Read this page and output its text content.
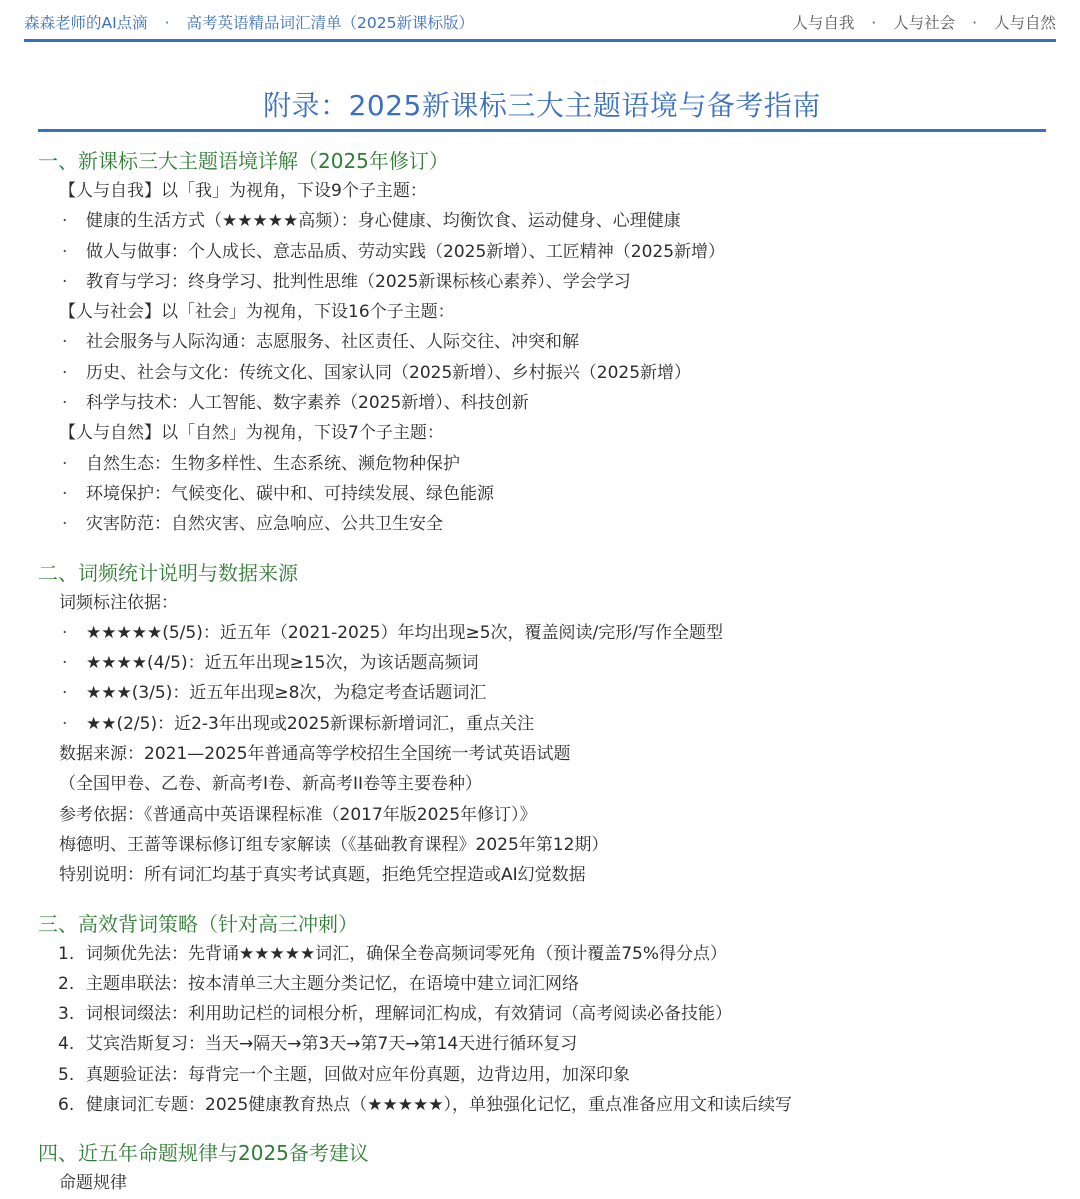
森森老师的AI点滴 · 高考英语精品词汇清单（2025新课标版）	人与自我 · 人与社会 · 人与自然
附录：2025新课标三大主题语境与备考指南
一、新课标三大主题语境详解（2025年修订）
【人与自我】以「我」为视角，下设9个子主题：
·	健康的生活方式（★★★★★高频）：身心健康、均衡饮食、运动健身、心理健康
·	做人与做事：个人成长、意志品质、劳动实践（2025新增）、工匠精神（2025新增）
·	教育与学习：终身学习、批判性思维（2025新课标核心素养）、学会学习
【人与社会】以「社会」为视角，下设16个子主题：
·	社会服务与人际沟通：志愿服务、社区责任、人际交往、冲突和解
·	历史、社会与文化：传统文化、国家认同（2025新增）、乡村振兴（2025新增）
·	科学与技术：人工智能、数字素养（2025新增）、科技创新
【人与自然】以「自然」为视角，下设7个子主题：
·	自然生态：生物多样性、生态系统、濒危物种保护
·	环境保护：气候变化、碳中和、可持续发展、绿色能源
·	灾害防范：自然灾害、应急响应、公共卫生安全
二、词频统计说明与数据来源
词频标注依据：
·	★★★★★(5/5)：近五年（2021-2025）年均出现≥5次，覆盖阅读/完形/写作全题型
·	★★★★(4/5)：近五年出现≥15次，为该话题高频词
·	★★★(3/5)：近五年出现≥8次，为稳定考查话题词汇
·	★★(2/5)：近2-3年出现或2025新课标新增词汇，重点关注
数据来源：2021—2025年普通高等学校招生全国统一考试英语试题
（全国甲卷、乙卷、新高考I卷、新高考II卷等主要卷种）
参考依据：《普通高中英语课程标准（2017年版2025年修订）》
梅德明、王蔷等课标修订组专家解读（《基础教育课程》2025年第12期）
特别说明：所有词汇均基于真实考试真题，拒绝凭空捏造或AI幻觉数据
三、高效背词策略（针对高三冲刺）
1. 词频优先法：先背诵★★★★★词汇，确保全卷高频词零死角（预计覆盖75%得分点）
2. 主题串联法：按本清单三大主题分类记忆，在语境中建立词汇网络
3. 词根词缀法：利用助记栏的词根分析，理解词汇构成，有效猜词（高考阅读必备技能）
4. 艾宾浩斯复习：当天→隔天→第3天→第7天→第14天进行循环复习
5. 真题验证法：每背完一个主题，回做对应年份真题，边背边用，加深印象
6. 健康词汇专题：2025健康教育热点（★★★★★），单独强化记忆，重点准备应用文和读后续写
四、近五年命题规律与2025备考建议
命题规律
